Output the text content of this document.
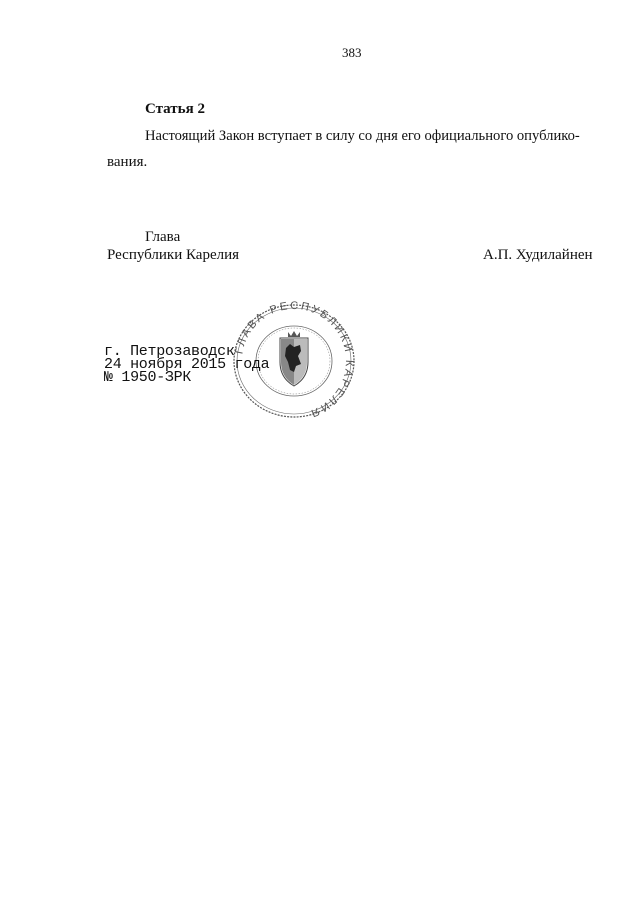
383
Статья 2
Настоящий Закон вступает в силу со дня его официального опублико-
вания.
Глава
Республики Карелия	А.П. Худилайнен
ГЛАВА РЕСПУБЛИКИ КАРЕЛИЯ
г. Петрозаводск
24 ноября 2015 года
№ 1950-ЗРК
